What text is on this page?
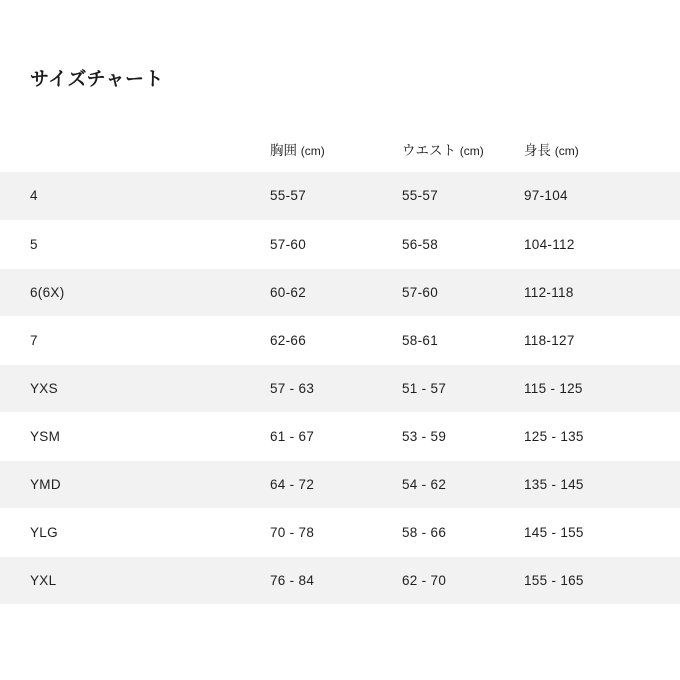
サイズチャート
	胸囲 (cm)	ウエスト (cm)	身長 (cm)
4	55-57	55-57	97-104
5	57-60	56-58	104-112
6(6X)	60-62	57-60	112-118
7	62-66	58-61	118-127
YXS	57 - 63	51 - 57	115 - 125
YSM	61 - 67	53 - 59	125 - 135
YMD	64 - 72	54 - 62	135 - 145
YLG	70 - 78	58 - 66	145 - 155
YXL	76 - 84	62 - 70	155 - 165
